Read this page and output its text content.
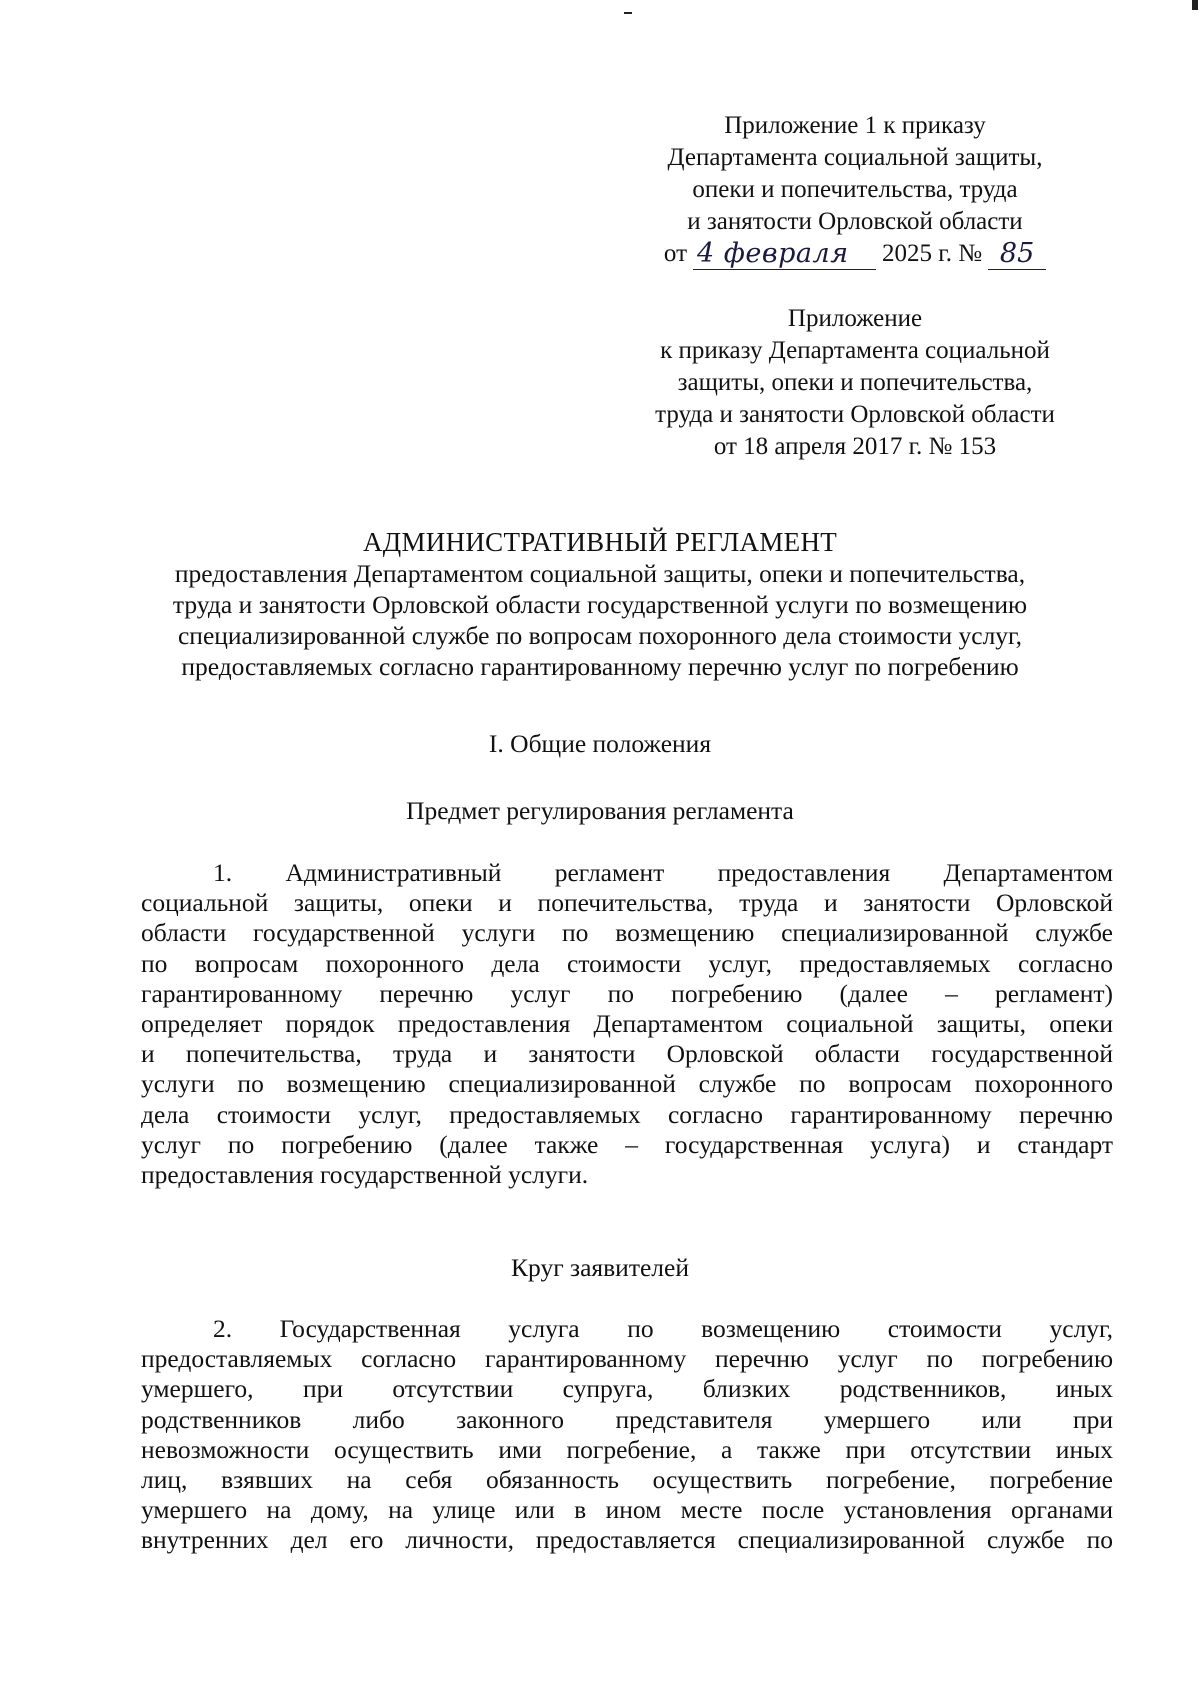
Приложение 1 к приказу
Департамента социальной защиты,
опеки и попечительства, труда
и занятости Орловской области
от 4 февраля	2025 г. № 85
Приложение
к приказу Департамента социальной
защиты, опеки и попечительства,
труда и занятости Орловской области
от 18 апреля 2017 г. № 153
АДМИНИСТРАТИВНЫЙ РЕГЛАМЕНТ
предоставления Департаментом социальной защиты, опеки и попечительства,
труда и занятости Орловской области государственной услуги по возмещению
специализированной службе по вопросам похоронного дела стоимости услуг,
предоставляемых согласно гарантированному перечню услуг по погребению
I. Общие положения
Предмет регулирования регламента
1. Административный регламент предоставления Департаментом
социальной защиты, опеки и попечительства, труда и занятости Орловской
области государственной услуги по возмещению специализированной службе
по вопросам похоронного дела стоимости услуг, предоставляемых согласно
гарантированному перечню услуг по погребению (далее – регламент)
определяет порядок предоставления Департаментом социальной защиты, опеки
и попечительства, труда и занятости Орловской области государственной
услуги по возмещению специализированной службе по вопросам похоронного
дела стоимости услуг, предоставляемых согласно гарантированному перечню
услуг по погребению (далее также – государственная услуга) и стандарт
предоставления государственной услуги.
Круг заявителей
2. Государственная услуга по возмещению стоимости услуг,
предоставляемых согласно гарантированному перечню услуг по погребению
умершего, при отсутствии супруга, близких родственников, иных
родственников либо законного представителя умершего или при
невозможности осуществить ими погребение, а также при отсутствии иных
лиц, взявших на себя обязанность осуществить погребение, погребение
умершего на дому, на улице или в ином месте после установления органами
внутренних дел его личности, предоставляется специализированной службе по
